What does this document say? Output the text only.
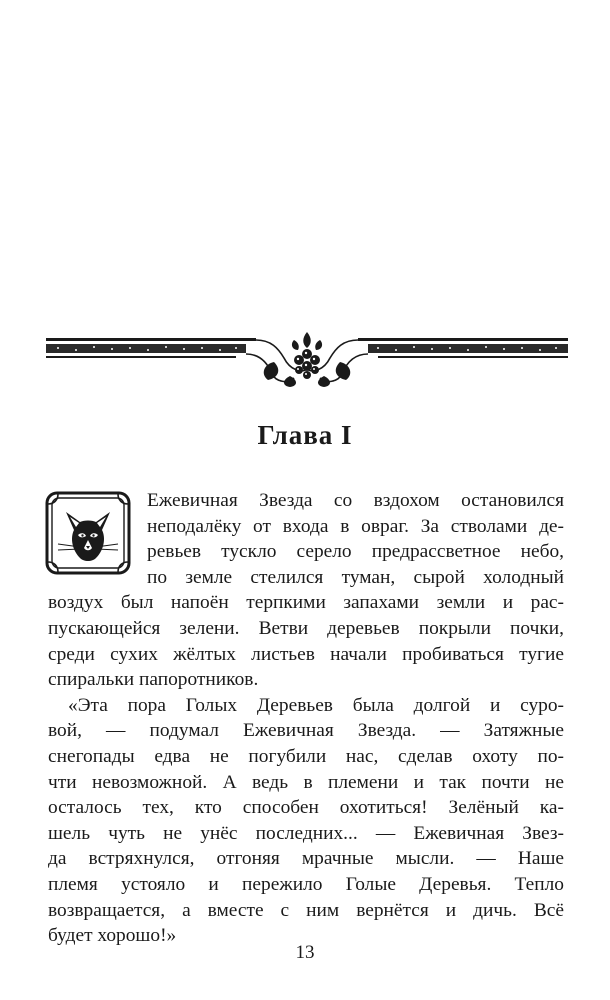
Глава I
Ежевичная Звезда со вздохом остановился
неподалёку от входа в овраг. За стволами де-
ревьев тускло серело предрассветное небо,
по земле стелился туман, сырой холодный
воздух был напоён терпкими запахами земли и рас-
пускающейся зелени. Ветви деревьев покрыли почки,
среди сухих жёлтых листьев начали пробиваться тугие
спиральки папоротников.
«Эта пора Голых Деревьев была долгой и суро-
вой, — подумал Ежевичная Звезда. — Затяжные
снегопады едва не погубили нас, сделав охоту по-
чти невозможной. А ведь в племени и так почти не
осталось тех, кто способен охотиться! Зелёный ка-
шель чуть не унёс последних... — Ежевичная Звез-
да встряхнулся, отгоняя мрачные мысли. — Наше
племя устояло и пережило Голые Деревья. Тепло
возвращается, а вместе с ним вернётся и дичь. Всё
будет хорошо!»
13
